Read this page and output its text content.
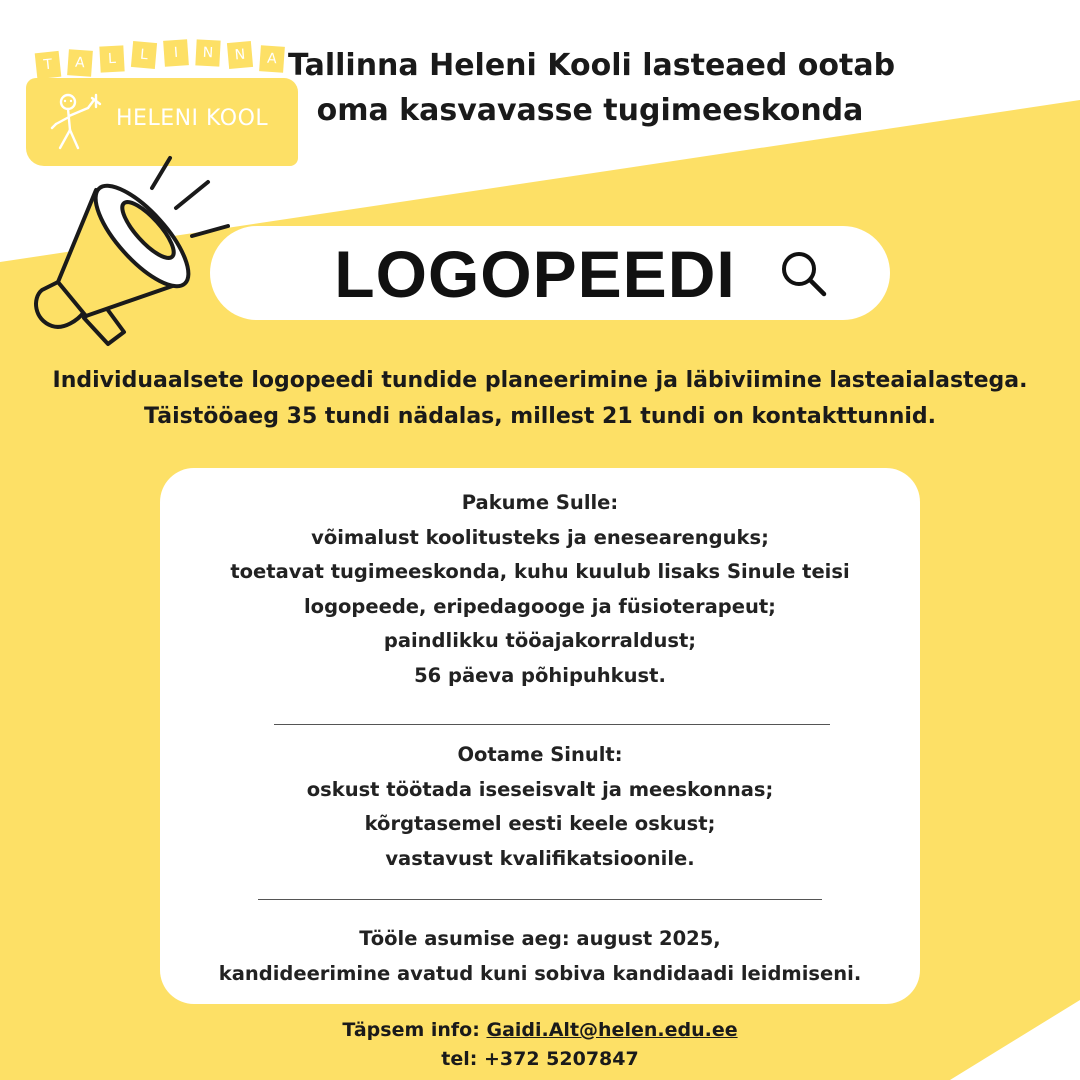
T	A	L	L	I	N	N	A
HELENI KOOL
Tallinna Heleni Kooli lasteaed ootab
oma kasvavasse tugimeeskonda
LOGOPEEDI
Individuaalsete logopeedi tundide planeerimine ja läbiviimine lasteaialastega.
Täistööaeg 35 tundi nädalas, millest 21 tundi on kontakttunnid.
Pakume Sulle:
võimalust koolitusteks ja enesearenguks;
toetavat tugimeeskonda, kuhu kuulub lisaks Sinule teisi
logopeede, eripedagooge ja füsioterapeut;
paindlikku tööajakorraldust;
56 päeva põhipuhkust.
Ootame Sinult:
oskust töötada iseseisvalt ja meeskonnas;
kõrgtasemel eesti keele oskust;
vastavust kvalifikatsioonile.
Tööle asumise aeg: august 2025,
kandideerimine avatud kuni sobiva kandidaadi leidmiseni.
Täpsem info: Gaidi.Alt@helen.edu.ee
tel: +372 5207847
